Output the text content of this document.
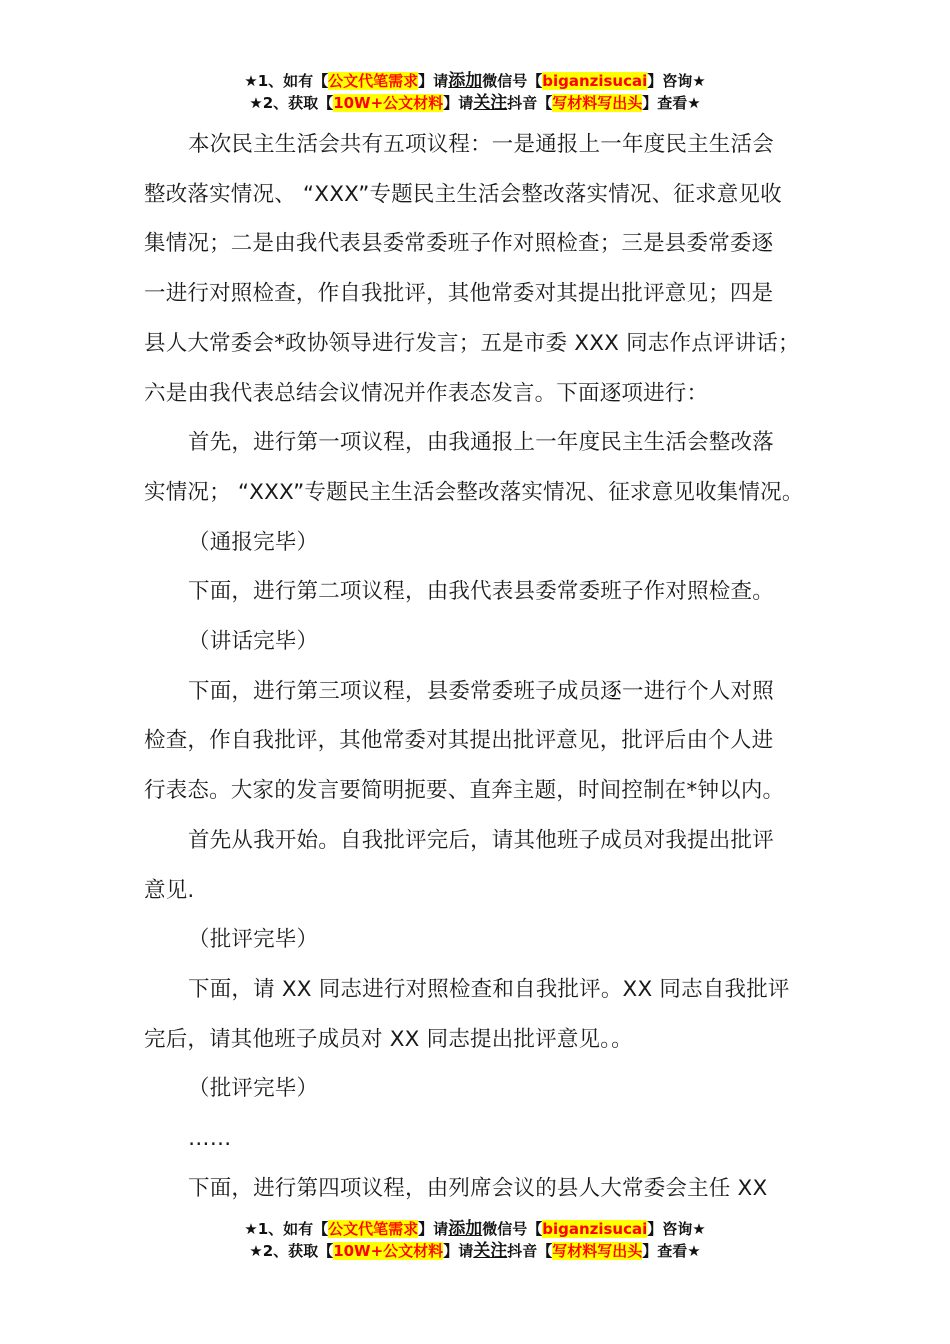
★1、如有【公文代笔需求】请添加微信号【biganzisucai】咨询★
★2、获取【10W+公文材料】请关注抖音【写材料写出头】查看★

本次民主生活会共有五项议程：一是通报上一年度民主生活会

整改落实情况、 “XXX”专题民主生活会整改落实情况、征求意见收

集情况；二是由我代表县委常委班子作对照检查；三是县委常委逐

一进行对照检查，作自我批评，其他常委对其提出批评意见；四是

县人大常委会*政协领导进行发言；五是市委 XXX 同志作点评讲话；

六是由我代表总结会议情况并作表态发言。下面逐项进行：

首先，进行第一项议程，由我通报上一年度民主生活会整改落

实情况； “XXX”专题民主生活会整改落实情况、征求意见收集情况。

（通报完毕）

下面，进行第二项议程，由我代表县委常委班子作对照检查。

（讲话完毕）

下面，进行第三项议程，县委常委班子成员逐一进行个人对照

检查，作自我批评，其他常委对其提出批评意见，批评后由个人进

行表态。大家的发言要简明扼要、直奔主题，时间控制在*钟以内。

首先从我开始。自我批评完后，请其他班子成员对我提出批评

意见.

（批评完毕）

下面，请 XX 同志进行对照检查和自我批评。XX 同志自我批评

完后，请其他班子成员对 XX 同志提出批评意见。。

（批评完毕）

……

下面，进行第四项议程，由列席会议的县人大常委会主任 XX

★1、如有【公文代笔需求】请添加微信号【biganzisucai】咨询★
★2、获取【10W+公文材料】请关注抖音【写材料写出头】查看★
